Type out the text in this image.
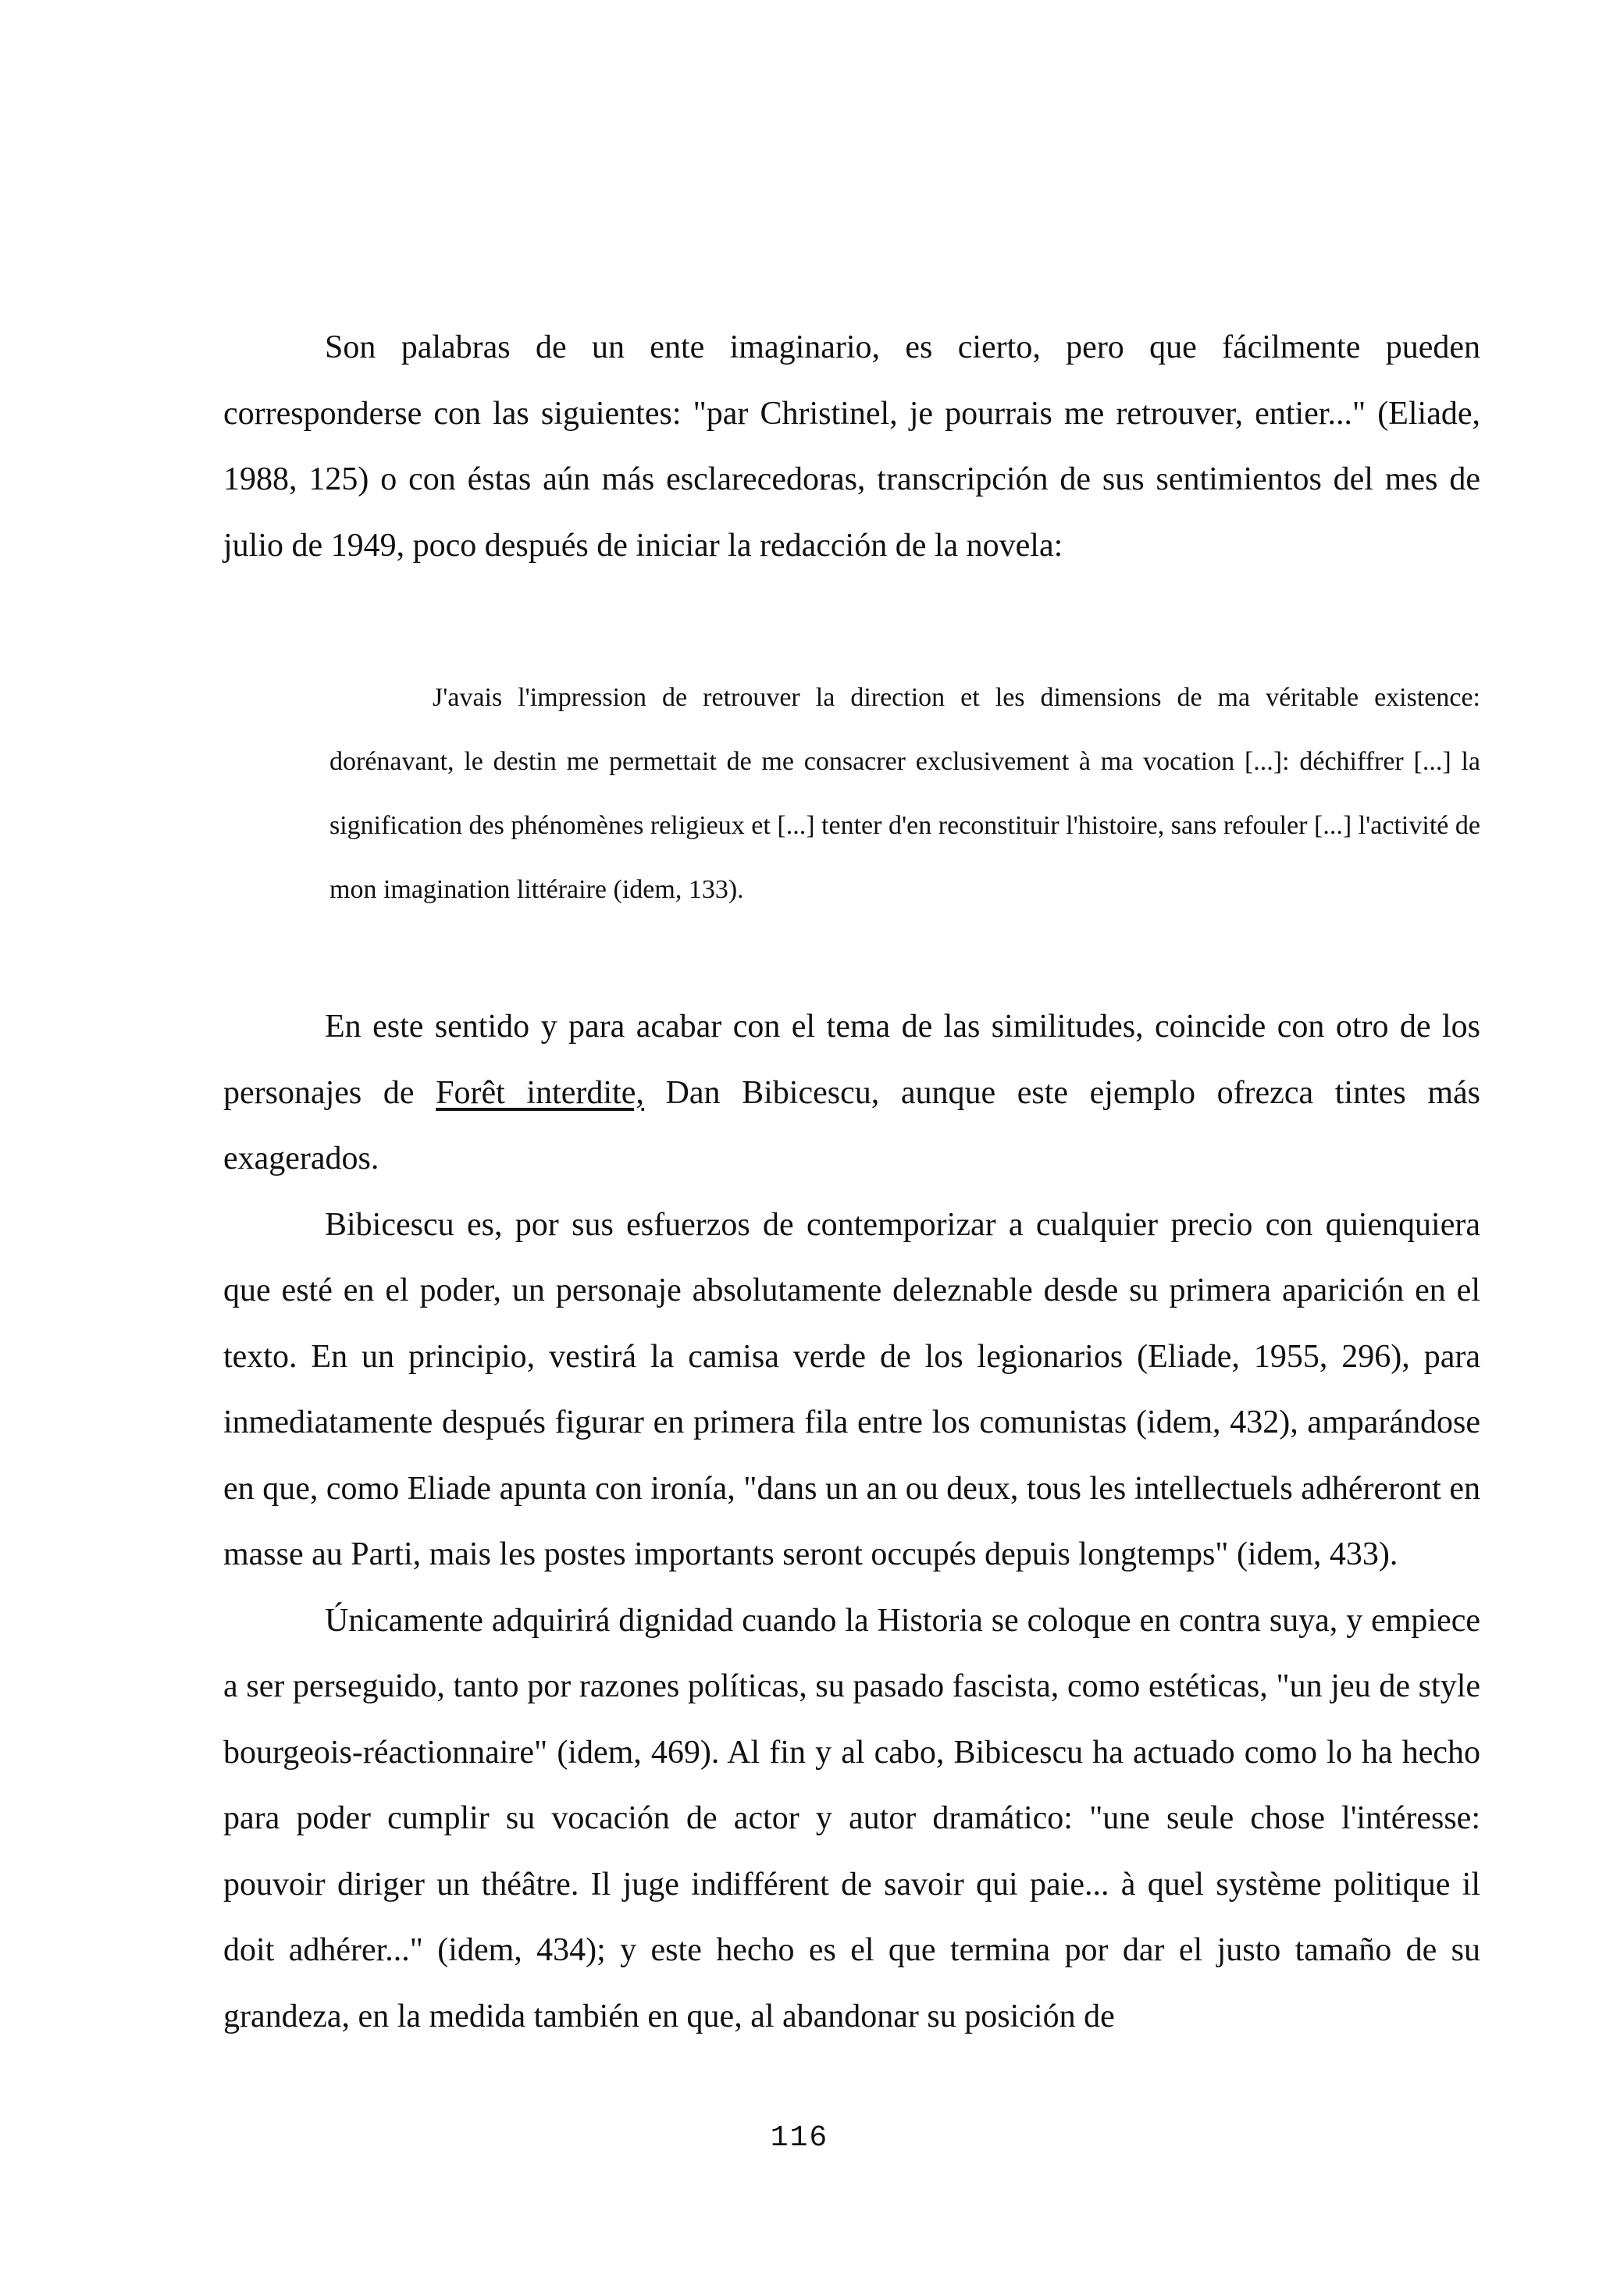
Son palabras de un ente imaginario, es cierto, pero que fácilmente pueden corresponderse con las siguientes: "par Christinel, je pourrais me retrouver, entier..." (Eliade, 1988, 125) o con éstas aún más esclarecedoras, transcripción de sus sentimientos del mes de julio de 1949, poco después de iniciar la redacción de la novela:

J'avais l'impression de retrouver la direction et les dimensions de ma véritable existence: dorénavant, le destin me permettait de me consacrer exclusivement à ma vocation [...]: déchiffrer [...] la signification des phénomènes religieux et [...] tenter d'en reconstituir l'histoire, sans refouler [...] l'activité de mon imagination littéraire (idem, 133).

En este sentido y para acabar con el tema de las similitudes, coincide con otro de los personajes de Forêt interdite, Dan Bibicescu, aunque este ejemplo ofrezca tintes más exagerados.

Bibicescu es, por sus esfuerzos de contemporizar a cualquier precio con quienquiera que esté en el poder, un personaje absolutamente deleznable desde su primera aparición en el texto. En un principio, vestirá la camisa verde de los legionarios (Eliade, 1955, 296), para inmediatamente después figurar en primera fila entre los comunistas (idem, 432), amparándose en que, como Eliade apunta con ironía, "dans un an ou deux, tous les intellectuels adhéreront en masse au Parti, mais les postes importants seront occupés depuis longtemps" (idem, 433).

Únicamente adquirirá dignidad cuando la Historia se coloque en contra suya, y empiece a ser perseguido, tanto por razones políticas, su pasado fascista, como estéticas, "un jeu de style bourgeois-réactionnaire" (idem, 469). Al fin y al cabo, Bibicescu ha actuado como lo ha hecho para poder cumplir su vocación de actor y autor dramático: "une seule chose l'intéresse: pouvoir diriger un théâtre. Il juge indifférent de savoir qui paie... à quel système politique il doit adhérer..." (idem, 434); y este hecho es el que termina por dar el justo tamaño de su grandeza, en la medida también en que, al abandonar su posición de

116
